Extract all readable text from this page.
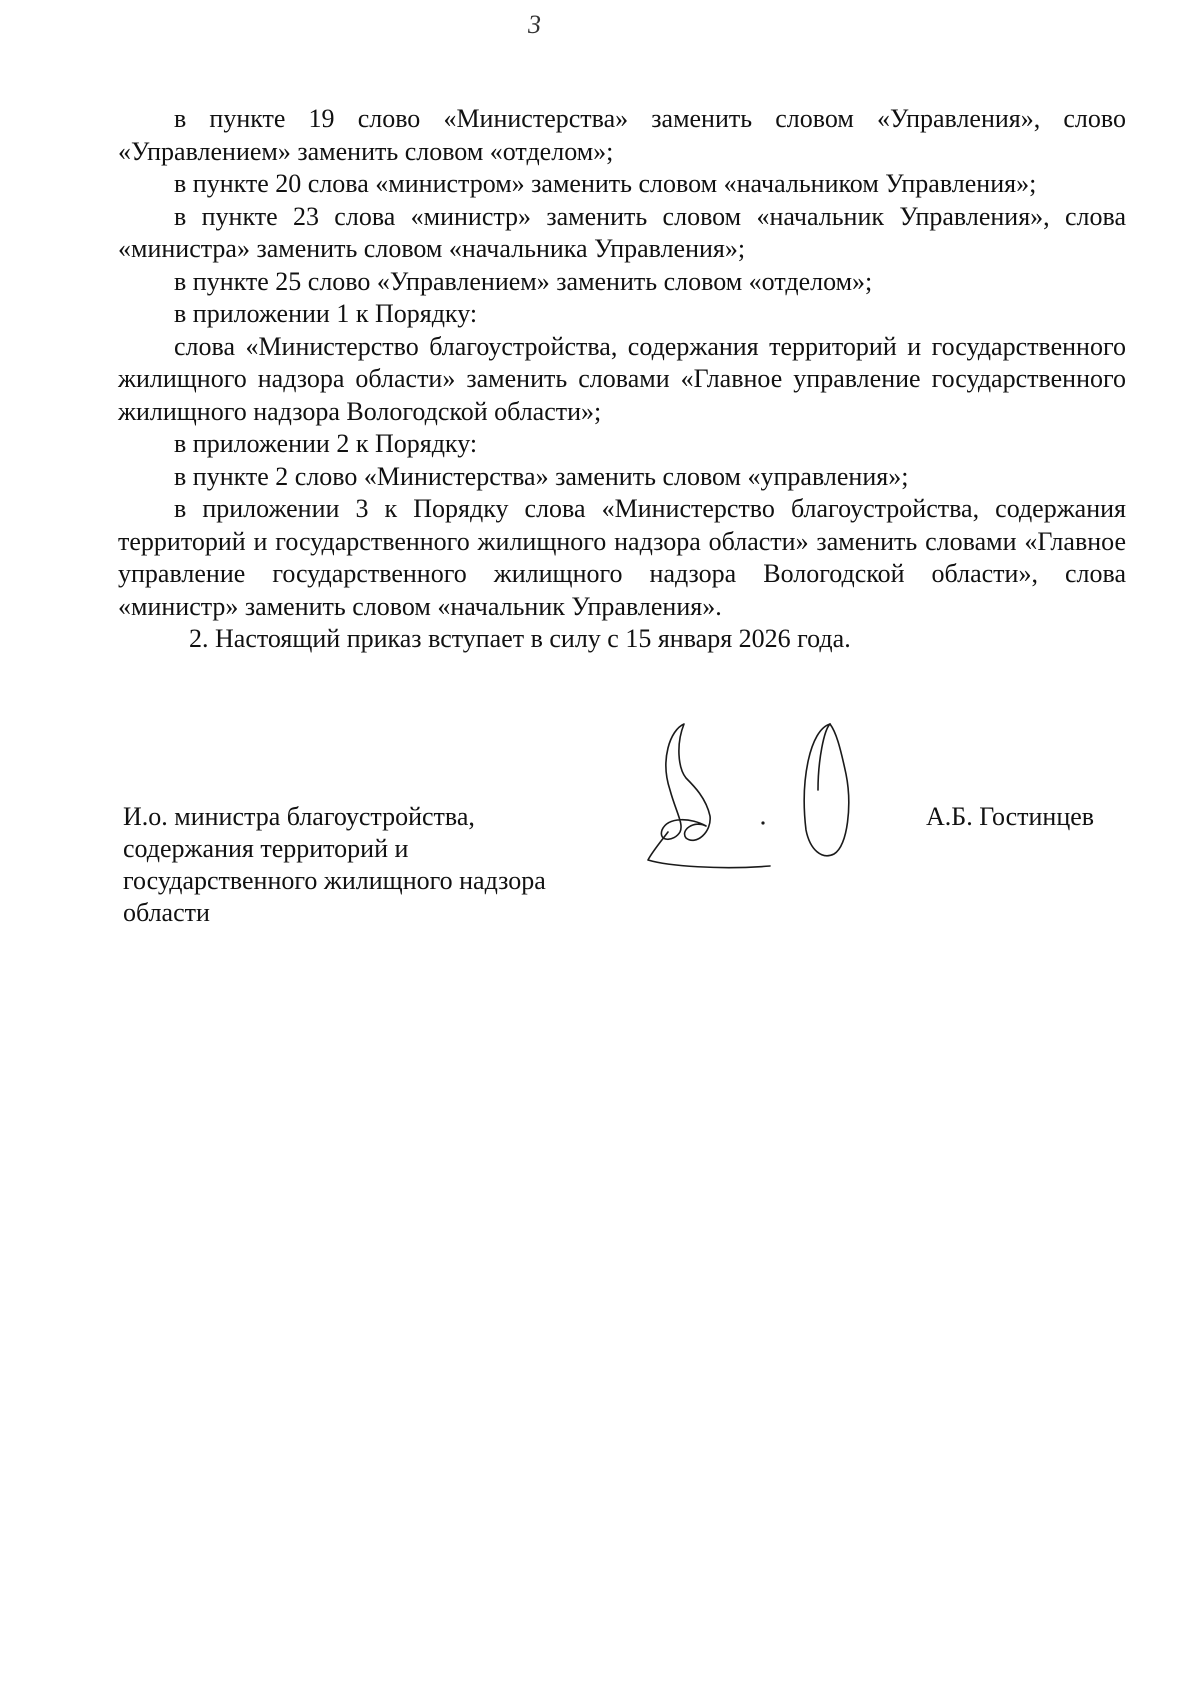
3

в пункте 19 слово «Министерства» заменить словом «Управления», слово «Управлением» заменить словом «отделом»;

в пункте 20 слова «министром» заменить словом «начальником Управления»;

в пункте 23 слова «министр» заменить словом «начальник Управления», слова «министра» заменить словом «начальника Управления»;

в пункте 25 слово «Управлением» заменить словом «отделом»;

в приложении 1 к Порядку:

слова «Министерство благоустройства, содержания территорий и государственного жилищного надзора области» заменить словами «Главное управление государственного жилищного надзора Вологодской области»;

в приложении 2 к Порядку:

в пункте 2 слово «Министерства» заменить словом «управления»;

в приложении 3 к Порядку слова «Министерство благоустройства, содержания территорий и государственного жилищного надзора области» заменить словами «Главное управление государственного жилищного надзора Вологодской области», слова «министр» заменить словом «начальник Управления».

2. Настоящий приказ вступает в силу с 15 января 2026 года.

И.о. министра благоустройства,
содержания территорий и
государственного жилищного надзора
области
А.Б. Гостинцев
